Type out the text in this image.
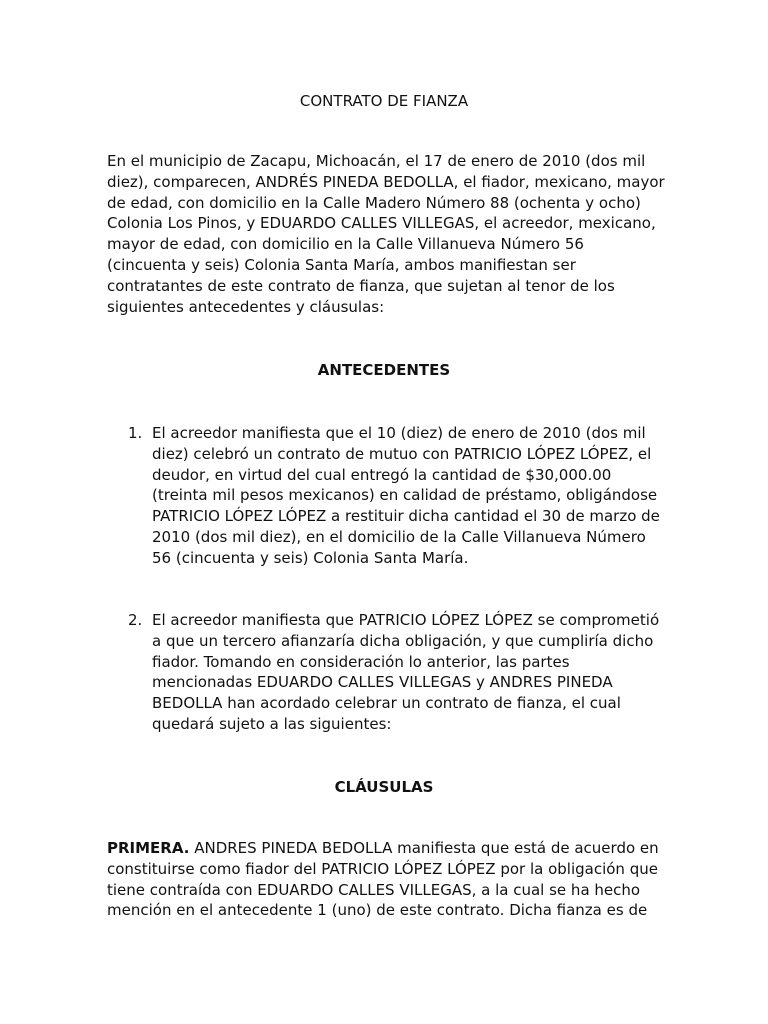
CONTRATO DE FIANZA

En el municipio de Zacapu, Michoacán, el 17 de enero de 2010 (dos mil diez), comparecen, ANDRÉS PINEDA BEDOLLA, el fiador, mexicano, mayor de edad, con domicilio en la Calle Madero Número 88 (ochenta y ocho) Colonia Los Pinos, y EDUARDO CALLES VILLEGAS, el acreedor, mexicano, mayor de edad, con domicilio en la Calle Villanueva Número 56 (cincuenta y seis) Colonia Santa María, ambos manifiestan ser contratantes de este contrato de fianza, que sujetan al tenor de los siguientes antecedentes y cláusulas:

ANTECEDENTES
1. El acreedor manifiesta que el 10 (diez) de enero de 2010 (dos mil diez) celebró un contrato de mutuo con PATRICIO LÓPEZ LÓPEZ, el deudor, en virtud del cual entregó la cantidad de $30,000.00 (treinta mil pesos mexicanos) en calidad de préstamo, obligándose PATRICIO LÓPEZ LÓPEZ a restituir dicha cantidad el 30 de marzo de 2010 (dos mil diez), en el domicilio de la Calle Villanueva Número 56 (cincuenta y seis) Colonia Santa María.

2. El acreedor manifiesta que PATRICIO LÓPEZ LÓPEZ se comprometió a que un tercero afianzaría dicha obligación, y que cumpliría dicho fiador. Tomando en consideración lo anterior, las partes mencionadas EDUARDO CALLES VILLEGAS y ANDRES PINEDA BEDOLLA han acordado celebrar un contrato de fianza, el cual quedará sujeto a las siguientes:

CLÁUSULAS

PRIMERA. ANDRES PINEDA BEDOLLA manifiesta que está de acuerdo en constituirse como fiador del PATRICIO LÓPEZ LÓPEZ por la obligación que tiene contraída con EDUARDO CALLES VILLEGAS, a la cual se ha hecho mención en el antecedente 1 (uno) de este contrato. Dicha fianza es de
